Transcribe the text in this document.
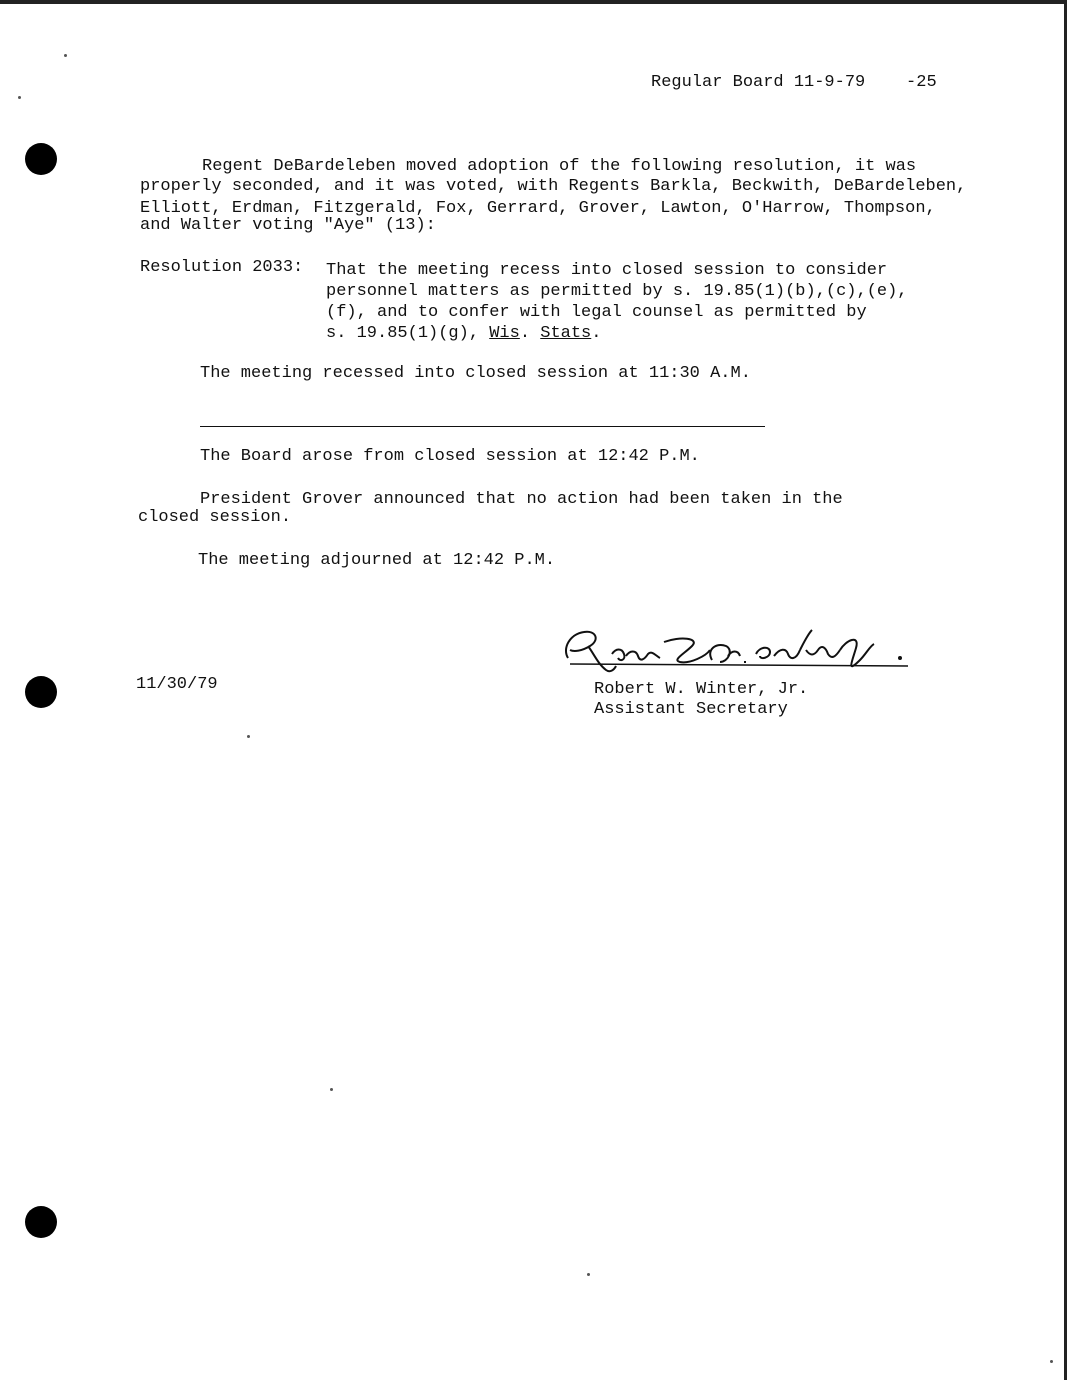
Regular Board 11-9-79    -25
Regent DeBardeleben moved adoption of the following resolution, it was
properly seconded, and it was voted, with Regents Barkla, Beckwith, DeBardeleben,
Elliott, Erdman, Fitzgerald, Fox, Gerrard, Grover, Lawton, O'Harrow, Thompson,
and Walter voting "Aye" (13):
Resolution 2033: That the meeting recess into closed session to consider
personnel matters as permitted by s. 19.85(1)(b),(c),(e),
(f), and to confer with legal counsel as permitted by
s. 19.85(1)(g), Wis. Stats.
The meeting recessed into closed session at 11:30 A.M.
The Board arose from closed session at 12:42 P.M.
President Grover announced that no action had been taken in the
closed session.
The meeting adjourned at 12:42 P.M.
11/30/79	Robert W. Winter, Jr.
Assistant Secretary
